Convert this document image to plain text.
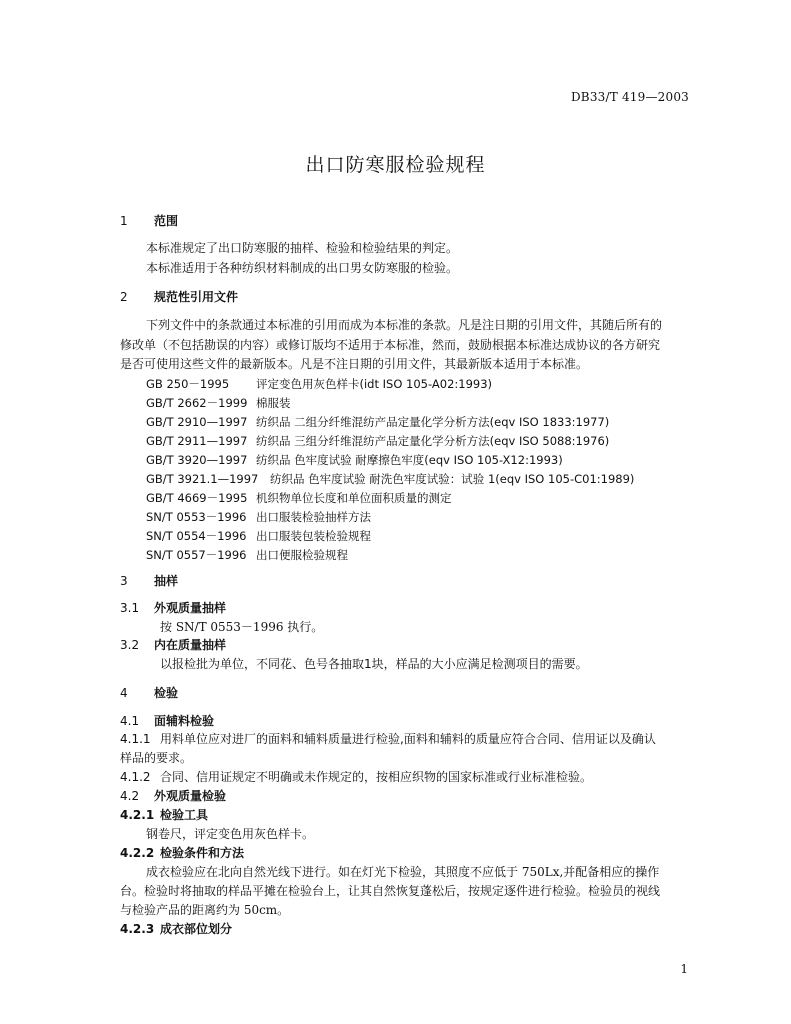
DB33/T 419—2003
出口防寒服检验规程
1 范围
本标准规定了出口防寒服的抽样、检验和检验结果的判定。
本标准适用于各种纺织材料制成的出口男女防寒服的检验。
2 规范性引用文件
下列文件中的条款通过本标准的引用而成为本标准的条款。凡是注日期的引用文件，其随后所有的
修改单（不包括勘误的内容）或修订版均不适用于本标准，然而，鼓励根据本标准达成协议的各方研究
是否可使用这些文件的最新版本。凡是不注日期的引用文件，其最新版本适用于本标准。
GB 250－1995 评定变色用灰色样卡(idt ISO 105-A02:1993)
GB/T 2662－1999 棉服装
GB/T 2910—1997 纺织品 二组分纤维混纺产品定量化学分析方法(eqv ISO 1833:1977)
GB/T 2911—1997 纺织品 三组分纤维混纺产品定量化学分析方法(eqv ISO 5088:1976)
GB/T 3920—1997 纺织品 色牢度试验 耐摩擦色牢度(eqv ISO 105-X12:1993)
GB/T 3921.1—1997 纺织品 色牢度试验 耐洗色牢度试验：试验 1(eqv ISO 105-C01:1989)
GB/T 4669－1995 机织物单位长度和单位面积质量的测定
SN/T 0553－1996 出口服装检验抽样方法
SN/T 0554－1996 出口服装包装检验规程
SN/T 0557－1996 出口便服检验规程
3 抽样
3.1 外观质量抽样
按 SN/T 0553－1996 执行。
3.2 内在质量抽样
以报检批为单位，不同花、色号各抽取1块，样品的大小应满足检测项目的需要。
4 检验
4.1 面辅料检验
4.1.1 用料单位应对进厂的面料和辅料质量进行检验,面料和辅料的质量应符合合同、信用证以及确认
样品的要求。
4.1.2 合同、信用证规定不明确或未作规定的，按相应织物的国家标准或行业标准检验。
4.2 外观质量检验
4.2.1 检验工具
钢卷尺，评定变色用灰色样卡。
4.2.2 检验条件和方法
成衣检验应在北向自然光线下进行。如在灯光下检验，其照度不应低于 750Lx,并配备相应的操作
台。检验时将抽取的样品平摊在检验台上，让其自然恢复蓬松后，按规定逐件进行检验。检验员的视线
与检验产品的距离约为 50cm。
4.2.3 成衣部位划分
1
